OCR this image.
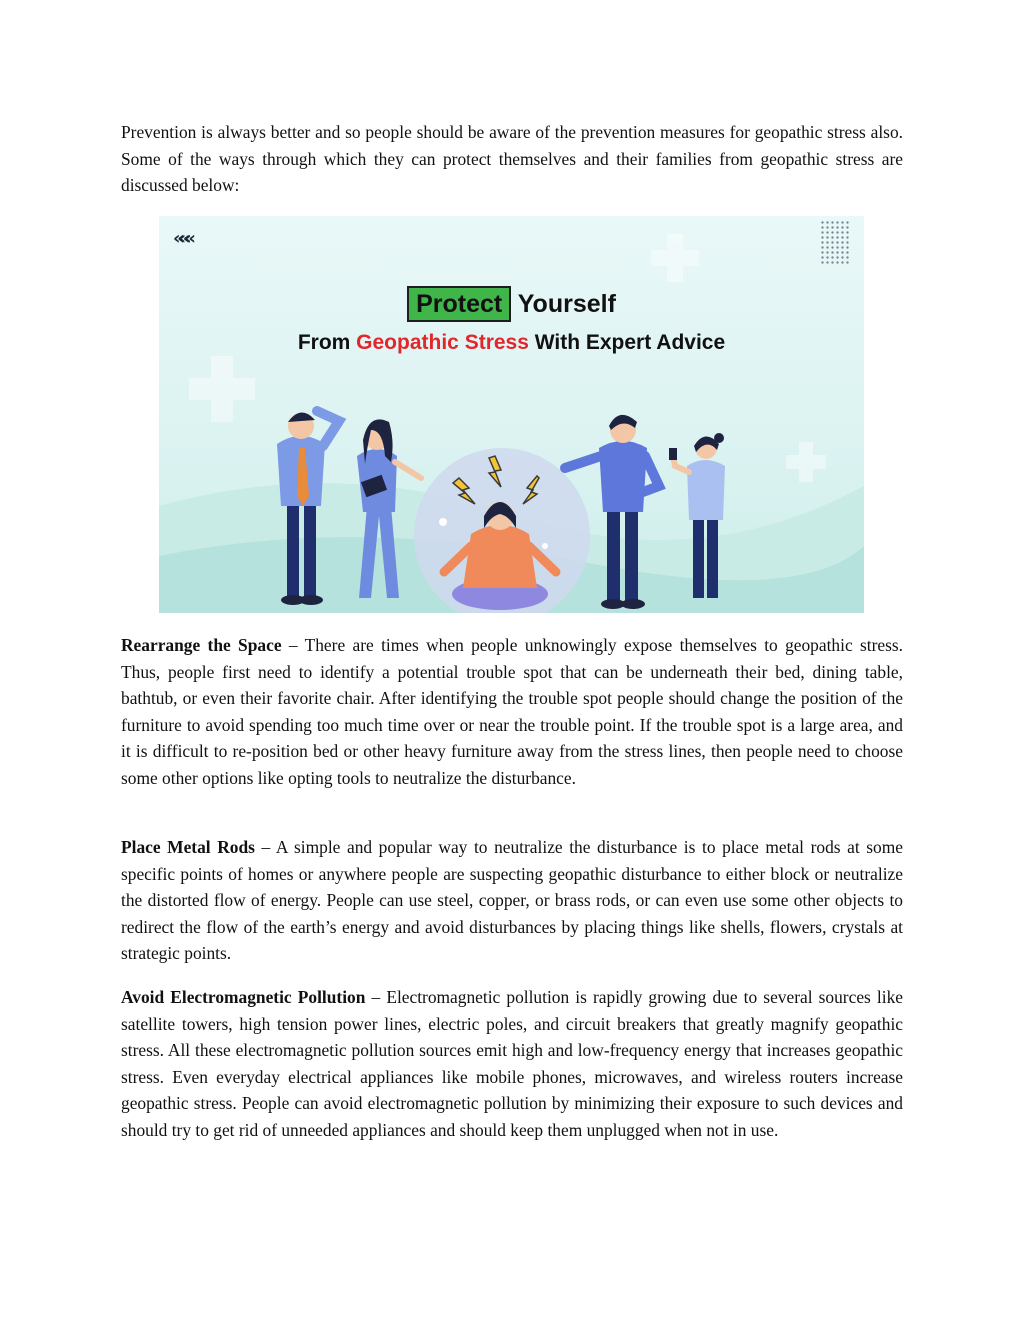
Prevention is always better and so people should be aware of the prevention measures for geopathic stress also. Some of the ways through which they can protect themselves and their families from geopathic stress are discussed below:

«««
Protect Yourself
From Geopathic Stress With Expert Advice

Rearrange the Space – There are times when people unknowingly expose themselves to geopathic stress. Thus, people first need to identify a potential trouble spot that can be underneath their bed, dining table, bathtub, or even their favorite chair. After identifying the trouble spot people should change the position of the furniture to avoid spending too much time over or near the trouble point. If the trouble spot is a large area, and it is difficult to re-position bed or other heavy furniture away from the stress lines, then people need to choose some other options like opting tools to neutralize the disturbance.

Place Metal Rods – A simple and popular way to neutralize the disturbance is to place metal rods at some specific points of homes or anywhere people are suspecting geopathic disturbance to either block or neutralize the distorted flow of energy. People can use steel, copper, or brass rods, or can even use some other objects to redirect the flow of the earth’s energy and avoid disturbances by placing things like shells, flowers, crystals at strategic points.

Avoid Electromagnetic Pollution – Electromagnetic pollution is rapidly growing due to several sources like satellite towers, high tension power lines, electric poles, and circuit breakers that greatly magnify geopathic stress. All these electromagnetic pollution sources emit high and low-frequency energy that increases geopathic stress. Even everyday electrical appliances like mobile phones, microwaves, and wireless routers increase geopathic stress. People can avoid electromagnetic pollution by minimizing their exposure to such devices and should try to get rid of unneeded appliances and should keep them unplugged when not in use.
